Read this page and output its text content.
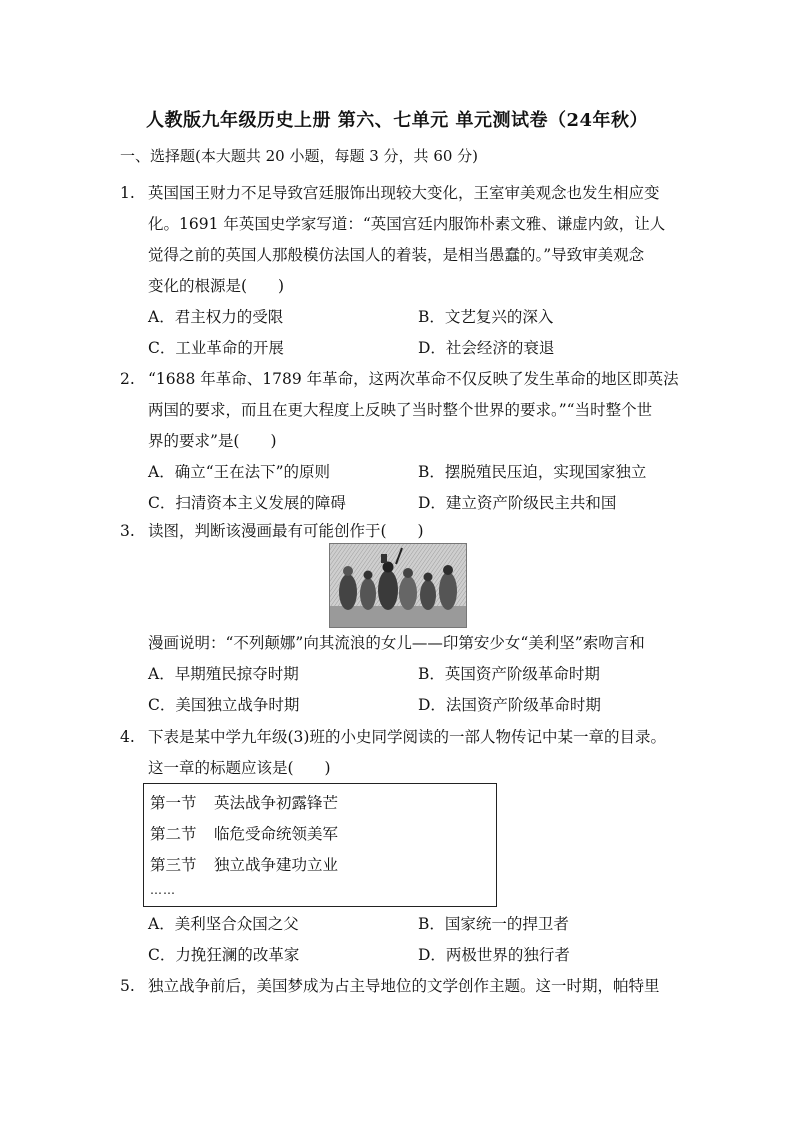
人教版九年级历史上册 第六、七单元 单元测试卷（24年秋）
一、选择题(本大题共 20 小题，每题 3 分，共 60 分)
1. 英国国王财力不足导致宫廷服饰出现较大变化，王室审美观念也发生相应变
化。1691 年英国史学家写道：“英国宫廷内服饰朴素文雅、谦虚内敛，让人
觉得之前的英国人那般模仿法国人的着装，是相当愚蠢的。”导致审美观念
变化的根源是(　　)
A．君主权力的受限	B．文艺复兴的深入
C．工业革命的开展	D．社会经济的衰退
2. “1688 年革命、1789 年革命，这两次革命不仅反映了发生革命的地区即英法
两国的要求，而且在更大程度上反映了当时整个世界的要求。”“当时整个世
界的要求”是(　　)
A．确立“王在法下”的原则	B．摆脱殖民压迫，实现国家独立
C．扫清资本主义发展的障碍	D．建立资产阶级民主共和国
3. 读图，判断该漫画最有可能创作于(　　)
漫画说明：“不列颠娜”向其流浪的女儿——印第安少女“美利坚”索吻言和
A．早期殖民掠夺时期	B．英国资产阶级革命时期
C．美国独立战争时期	D．法国资产阶级革命时期
4. 下表是某中学九年级(3)班的小史同学阅读的一部人物传记中某一章的目录。
这一章的标题应该是(　　)
第一节 英法战争初露锋芒
第二节 临危受命统领美军
第三节 独立战争建功立业
……
A．美利坚合众国之父	B．国家统一的捍卫者
C．力挽狂澜的改革家	D．两极世界的独行者
5. 独立战争前后，美国梦成为占主导地位的文学创作主题。这一时期，帕特里
